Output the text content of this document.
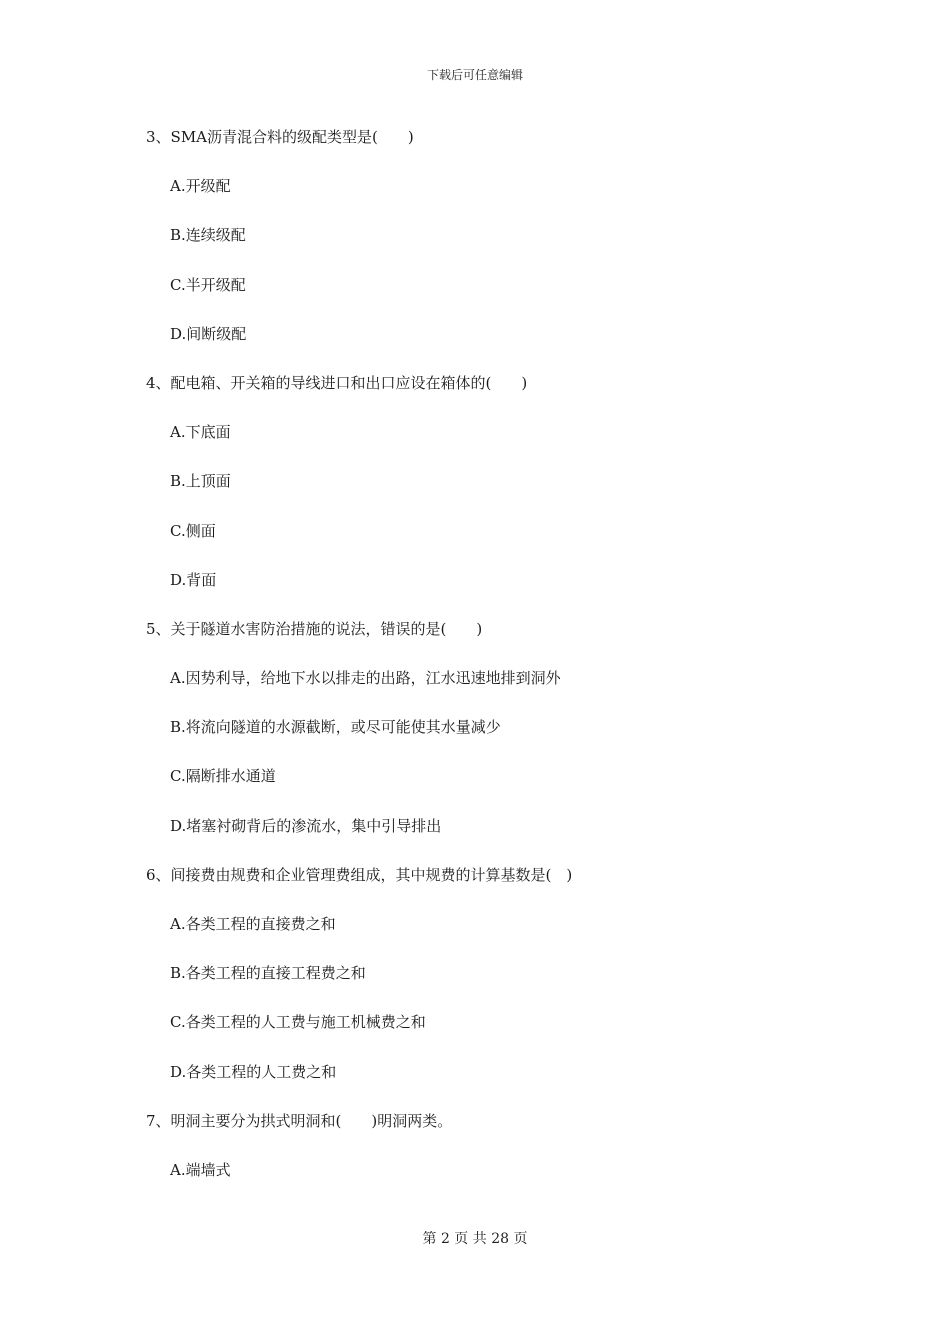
下载后可任意编辑
3、SMA沥青混合料的级配类型是(　　)
A.开级配
B.连续级配
C.半开级配
D.间断级配
4、配电箱、开关箱的导线进口和出口应设在箱体的(　　)
A.下底面
B.上顶面
C.侧面
D.背面
5、关于隧道水害防治措施的说法，错误的是(　　)
A.因势利导，给地下水以排走的出路，江水迅速地排到洞外
B.将流向隧道的水源截断，或尽可能使其水量减少
C.隔断排水通道
D.堵塞衬砌背后的渗流水，集中引导排出
6、间接费由规费和企业管理费组成，其中规费的计算基数是(　)
A.各类工程的直接费之和
B.各类工程的直接工程费之和
C.各类工程的人工费与施工机械费之和
D.各类工程的人工费之和
7、明洞主要分为拱式明洞和(　　)明洞两类。
A.端墙式
第 2 页 共 28 页
